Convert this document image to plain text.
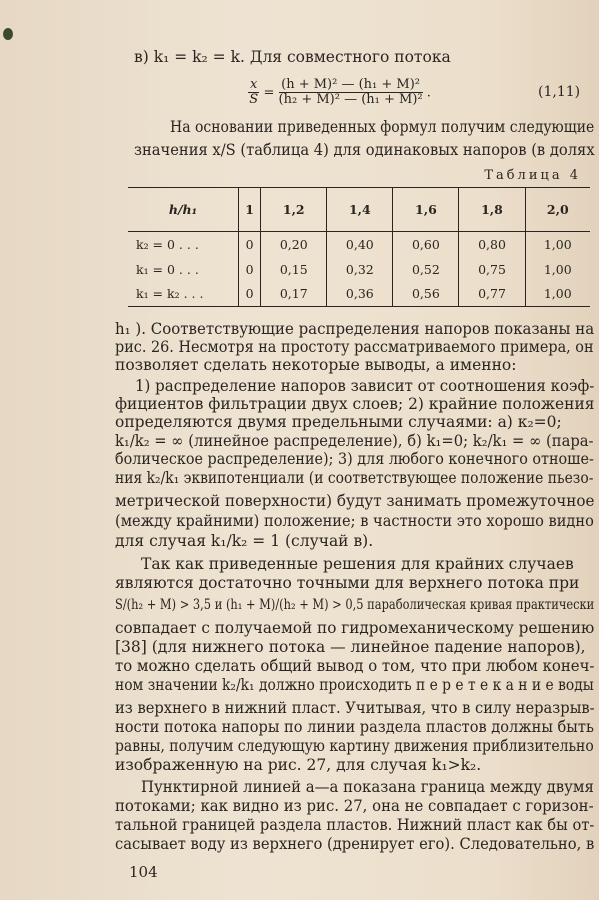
в) k₁ = k₂ = k. Для совместного потока
$\frac{x}{S} = \frac{\text{(h + M)² — (h₁ + M)²}}{\text{(h₂ + M)² — (h₁ + M)²}}$ .	(1,11)
На основании приведенных формул получим следующие
значения x/S (таблица 4) для одинаковых напоров (в долях
Таблица 4
h/h₁	1	1,2	1,4	1,6	1,8	2,0
k₂ = 0 . . .	0	0,20	0,40	0,60	0,80	1,00
k₁ = 0 . . .	0	0,15	0,32	0,52	0,75	1,00
k₁ = k₂ . . .	0	0,17	0,36	0,56	0,77	1,00
h₁ ). Соответствующие распределения напоров показаны на
рис. 26. Несмотря на простоту рассматриваемого примера, он
позволяет сделать некоторые выводы, а именно:
1) распределение напоров зависит от соотношения коэф-
фициентов фильтрации двух слоев; 2) крайние положения
определяются двумя предельными случаями: а) к₂=0;
k₁/k₂ = ∞ (линейное распределение), б) k₁=0; k₂/k₁ = ∞ (пара-
болическое распределение); 3) для любого конечного отноше-
ния k₂/k₁ эквипотенциали (и соответствующее положение пьезо-
метрической поверхности) будут занимать промежуточное
(между крайними) положение; в частности это хорошо видно
для случая k₁/k₂ = 1 (случай в).
Так как приведенные решения для крайних случаев
являются достаточно точными для верхнего потока при
S/(h₂ + M) > 3,5 и (h₁ + M)/(h₂ + M) > 0,5 параболическая кривая практически
совпадает с получаемой по гидромеханическому решению
[38] (для нижнего потока — линейное падение напоров),
то можно сделать общий вывод о том, что при любом конеч-
ном значении k₂/k₁ должно происходить п е р е т е к а н и е воды
из верхнего в нижний пласт. Учитывая, что в силу неразрыв-
ности потока напоры по линии раздела пластов должны быть
равны, получим следующую картину движения приблизительно
изображенную на рис. 27, для случая k₁>k₂.
Пунктирной линией а—а показана граница между двумя
потоками; как видно из рис. 27, она не совпадает с горизон-
тальной границей раздела пластов. Нижний пласт как бы от-
сасывает воду из верхнего (дренирует его). Следовательно, в
104
